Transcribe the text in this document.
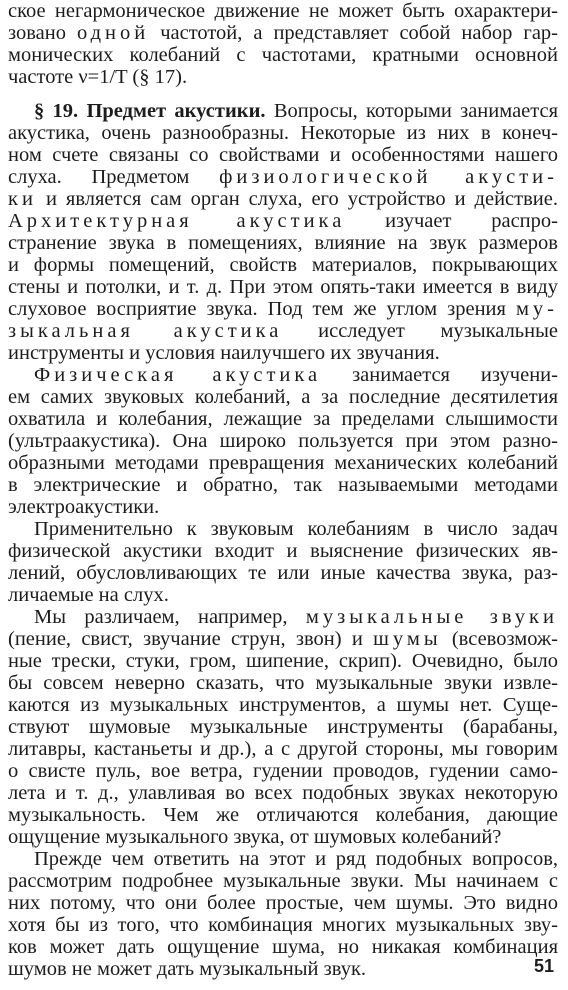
ское негармоническое движение не может быть охарактери-
зовано одной частотой, а представляет собой набор гар-
монических колебаний с частотами, кратными основной
частоте ν=1/T (§ 17).
§ 19. Предмет акустики. Вопросы, которыми занимается
акустика, очень разнообразны. Некоторые из них в конеч-
ном счете связаны со свойствами и особенностями нашего
слуха. Предметом физиологической акусти-
ки и является сам орган слуха, его устройство и действие.
Архитектурная акустика изучает распро-
странение звука в помещениях, влияние на звук размеров
и формы помещений, свойств материалов, покрывающих
стены и потолки, и т. д. При этом опять-таки имеется в виду
слуховое восприятие звука. Под тем же углом зрения му-
зыкальная акустика исследует музыкальные
инструменты и условия наилучшего их звучания.
Физическая акустика занимается изучени-
ем самих звуковых колебаний, а за последние десятилетия
охватила и колебания, лежащие за пределами слышимости
(ультраакустика). Она широко пользуется при этом разно-
образными методами превращения механических колебаний
в электрические и обратно, так называемыми методами
электроакустики.
Применительно к звуковым колебаниям в число задач
физической акустики входит и выяснение физических яв-
лений, обусловливающих те или иные качества звука, раз-
личаемые на слух.
Мы различаем, например, музыкальные звуки
(пение, свист, звучание струн, звон) и шумы (всевозмож-
ные трески, стуки, гром, шипение, скрип). Очевидно, было
бы совсем неверно сказать, что музыкальные звуки извле-
каются из музыкальных инструментов, а шумы нет. Суще-
ствуют шумовые музыкальные инструменты (барабаны,
литавры, кастаньеты и др.), а с другой стороны, мы говорим
о свисте пуль, вое ветра, гудении проводов, гудении само-
лета и т. д., улавливая во всех подобных звуках некоторую
музыкальность. Чем же отличаются колебания, дающие
ощущение музыкального звука, от шумовых колебаний?
Прежде чем ответить на этот и ряд подобных вопросов,
рассмотрим подробнее музыкальные звуки. Мы начинаем с
них потому, что они более простые, чем шумы. Это видно
хотя бы из того, что комбинация многих музыкальных зву-
ков может дать ощущение шума, но никакая комбинация
шумов не может дать музыкальный звук.	51
